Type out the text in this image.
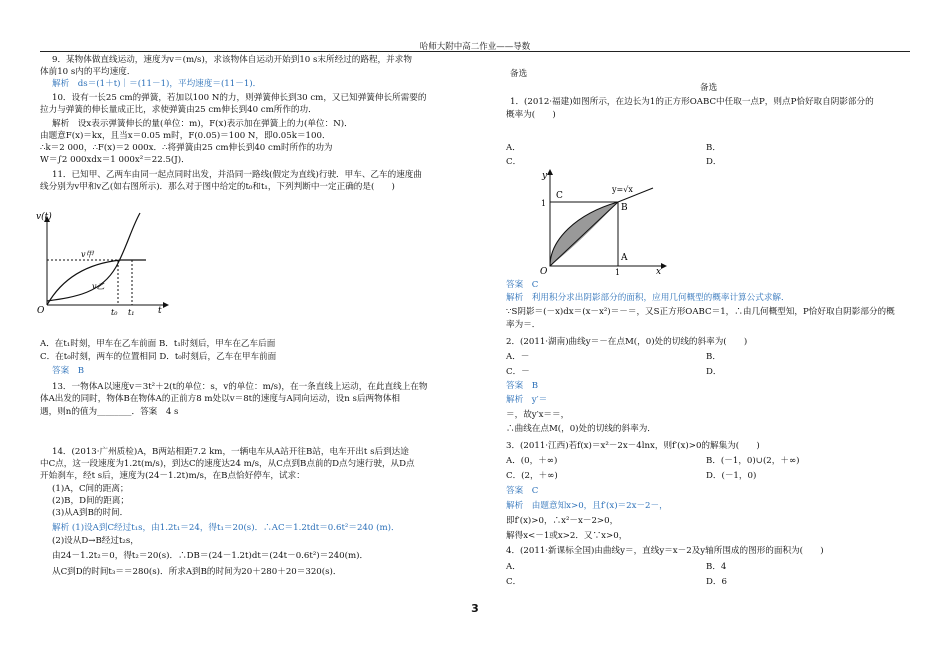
哈师大附中高二作业——导数
9．某物体做直线运动，速度为v＝(m/s)，求该物体自运动开始到10 s末所经过的路程，并求物
体前10 s内的平均速度．
解析　ds＝(1＋t)｜＝(11－1)，平均速度＝(11－1)．
10．设有一长25 cm的弹簧，若加以100 N的力，则弹簧伸长到30 cm，又已知弹簧伸长所需要的
拉力与弹簧的伸长量成正比，求使弹簧由25 cm伸长到40 cm所作的功．
解析　设x表示弹簧伸长的量(单位：m)，F(x)表示加在弹簧上的力(单位：N)．
由题意F(x)＝kx，且当x＝0.05 m时，F(0.05)＝100 N，即0.05k＝100．
∴k＝2 000，∴F(x)＝2 000x．∴将弹簧由25 cm伸长到40 cm时所作的功为
W＝∫2 000xdx＝1 000x²＝22.5(J)．
11．已知甲、乙两车由同一起点同时出发，并沿同一路线(假定为直线)行驶．甲车、乙车的速度曲
线分别为v甲和v乙(如右图所示)．那么对于图中给定的t₀和t₁，下列判断中一定正确的是(　　)
v(t)
v甲
v乙
O	t₀ t₁	t
A．在t₁时刻，甲车在乙车前面 B．t₁时刻后，甲车在乙车后面
C．在t₀时刻，两车的位置相同 D．t₀时刻后，乙车在甲车前面
答案　B
13．一物体A以速度v＝3t²＋2(t的单位：s，v的单位：m/s)，在一条直线上运动，在此直线上在物
体A出发的同时，物体B在物体A的正前方8 m处以v＝8t的速度与A同向运动，设n s后两物体相
遇，则n的值为________．答案　4 s
14．(2013·广州质检)A，B两站相距7.2 km，一辆电车从A站开往B站，电车开出t s后到达途
中C点，这一段速度为1.2t(m/s)，到达C的速度达24 m/s，从C点到B点前的D点匀速行驶，从D点
开始刹车，经t s后，速度为(24－1.2t)m/s，在B点恰好停车，试求：
(1)A，C间的距离；
(2)B，D间的距离；
(3)从A到B的时间．
解析 (1)设A到C经过t₁s，由1.2t₁＝24，得t₁＝20(s)．∴AC＝1.2tdt＝0.6t²＝240 (m)．
(2)设从D→B经过t₂s，
由24－1.2t₂＝0，得t₂＝20(s)．∴DB＝(24－1.2t)dt＝(24t－0.6t²)＝240(m)．
从C到D的时间t₃＝＝280(s)．所求A到B的时间为20＋280＋20＝320(s)．
备选
备选
1．(2012·福建)如图所示，在边长为1的正方形OABC中任取一点P，则点P恰好取自阴影部分的
概率为(　　)
A．	B．
C．	D．
y
C
y=√x
B
1
O
A
1	x
答案　C
解析　利用积分求出阴影部分的面积，应用几何概型的概率计算公式求解．
∵S阴影＝(－x)dx＝(x－x²)＝－＝，又S正方形OABC＝1，∴由几何概型知，P恰好取自阴影部分的概
率为＝．
2．(2011·湖南)曲线y＝－在点M(，0)处的切线的斜率为(　　)
A．－	B．
C．－	D．
答案　B
解析　y′＝
＝，故y′x＝＝，
∴曲线在点M(，0)处的切线的斜率为．
3．(2011·江西)若f(x)＝x²－2x－4lnx，则f′(x)>0的解集为(　　)
A．(0，＋∞)	B．(－1，0)∪(2，＋∞)
C．(2，＋∞)	D．(－1，0)
答案　C
解析　由题意知x>0，且f′(x)＝2x－2－，
即f′(x)>0，∴x²－x－2>0，
解得x<－1或x>2．又∵x>0，
4．(2011·新课标全国)由曲线y＝，直线y＝x－2及y轴所围成的图形的面积为(　　)
A．	B．4
C．	D．6
3
